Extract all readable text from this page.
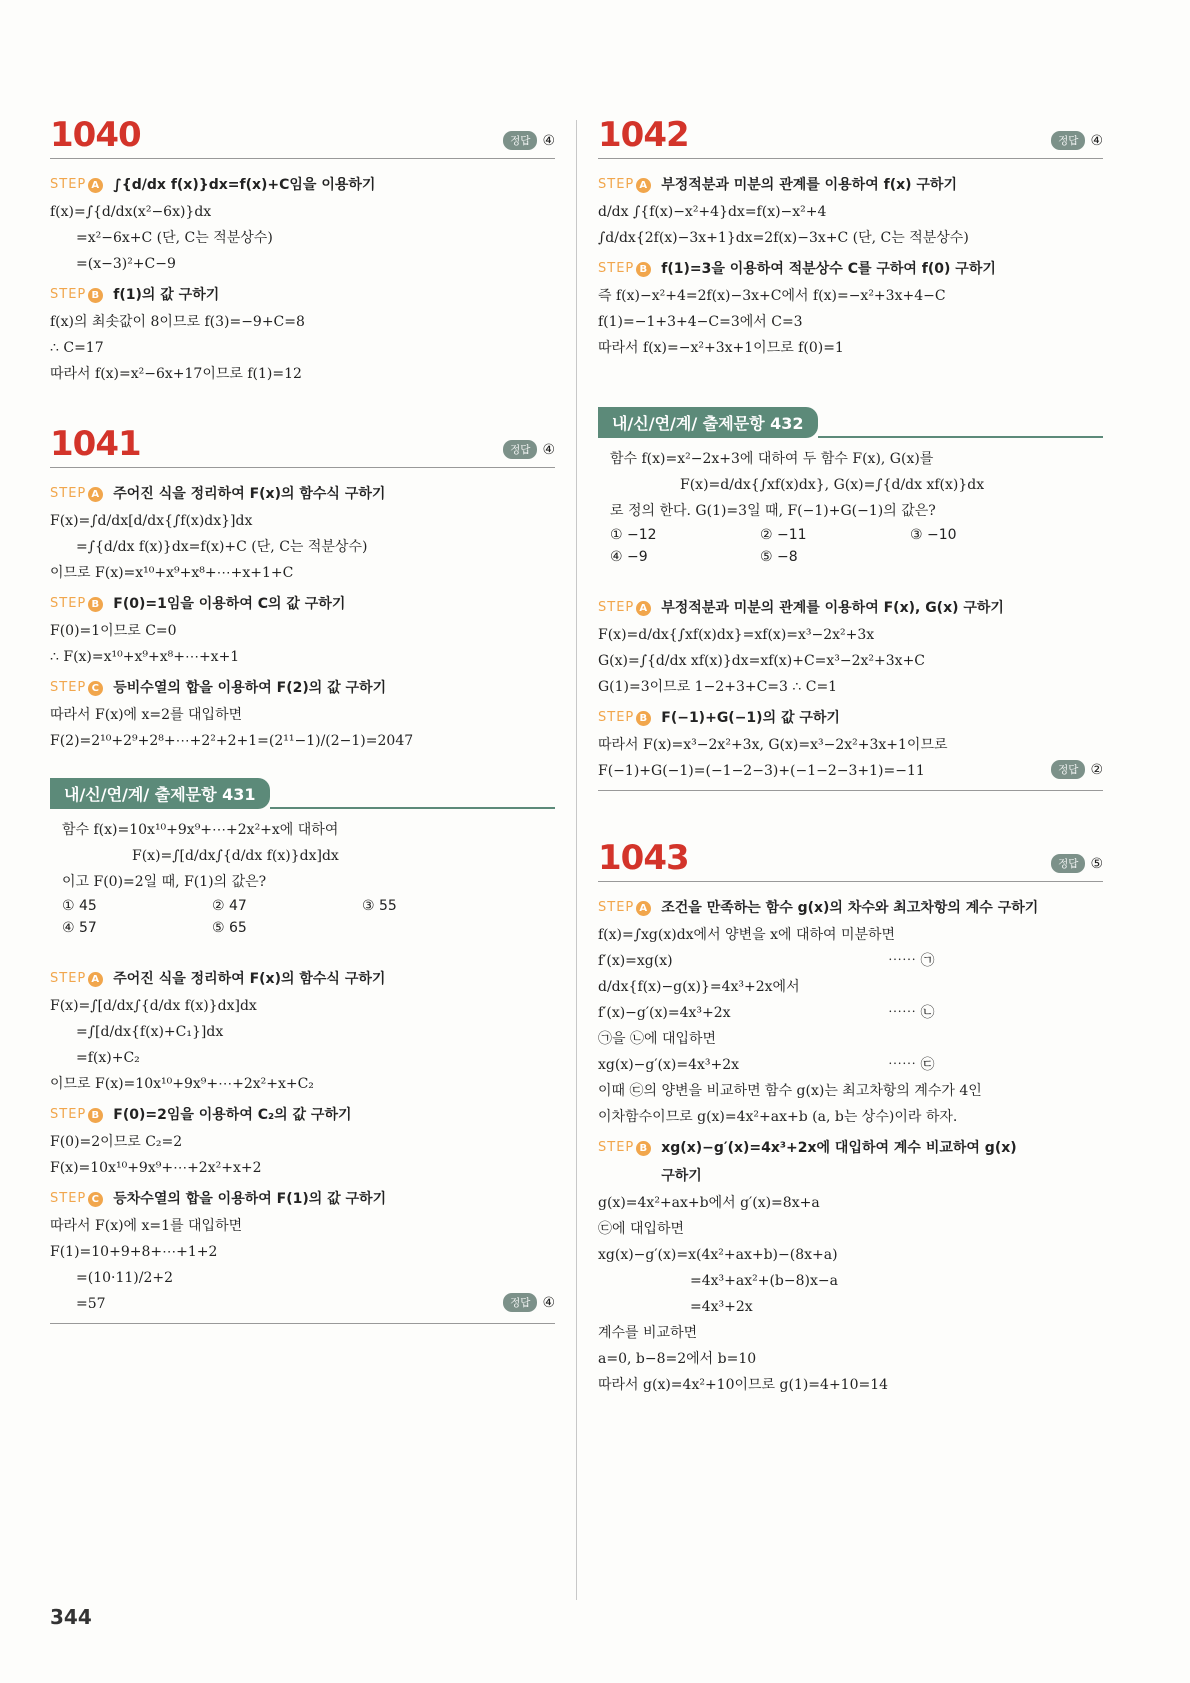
1040	정답 ④
STEP A ∫{d/dx f(x)}dx=f(x)+C임을 이용하기
f(x)=∫{d/dx(x²−6x)}dx
=x²−6x+C (단, C는 적분상수)
=(x−3)²+C−9
STEP B f(1)의 값 구하기
f(x)의 최솟값이 8이므로 f(3)=−9+C=8
∴ C=17
따라서 f(x)=x²−6x+17이므로 f(1)=12
1041	정답 ④
STEP A 주어진 식을 정리하여 F(x)의 함수식 구하기
F(x)=∫d/dx[d/dx{∫f(x)dx}]dx
=∫{d/dx f(x)}dx=f(x)+C (단, C는 적분상수)
이므로 F(x)=x¹⁰+x⁹+x⁸+⋯+x+1+C
STEP B F(0)=1임을 이용하여 C의 값 구하기
F(0)=1이므로 C=0
∴ F(x)=x¹⁰+x⁹+x⁸+⋯+x+1
STEP C 등비수열의 합을 이용하여 F(2)의 값 구하기
따라서 F(x)에 x=2를 대입하면
F(2)=2¹⁰+2⁹+2⁸+⋯+2²+2+1=(2¹¹−1)/(2−1)=2047
내/신/연/계/ 출제문항 431
함수 f(x)=10x¹⁰+9x⁹+⋯+2x²+x에 대하여
F(x)=∫[d/dx∫{d/dx f(x)}dx]dx
이고 F(0)=2일 때, F(1)의 값은?
① 45	② 47	③ 55
④ 57	⑤ 65
STEP A 주어진 식을 정리하여 F(x)의 함수식 구하기
F(x)=∫[d/dx∫{d/dx f(x)}dx]dx
=∫[d/dx{f(x)+C₁}]dx
=f(x)+C₂
이므로 F(x)=10x¹⁰+9x⁹+⋯+2x²+x+C₂
STEP B F(0)=2임을 이용하여 C₂의 값 구하기
F(0)=2이므로 C₂=2
F(x)=10x¹⁰+9x⁹+⋯+2x²+x+2
STEP C 등차수열의 합을 이용하여 F(1)의 값 구하기
따라서 F(x)에 x=1를 대입하면
F(1)=10+9+8+⋯+1+2
=(10·11)/2+2
=57	정답 ④
1042	정답 ④
STEP A 부정적분과 미분의 관계를 이용하여 f(x) 구하기
d/dx ∫{f(x)−x²+4}dx=f(x)−x²+4
∫d/dx{2f(x)−3x+1}dx=2f(x)−3x+C (단, C는 적분상수)
STEP B f(1)=3을 이용하여 적분상수 C를 구하여 f(0) 구하기
즉 f(x)−x²+4=2f(x)−3x+C에서 f(x)=−x²+3x+4−C
f(1)=−1+3+4−C=3에서 C=3
따라서 f(x)=−x²+3x+1이므로 f(0)=1
내/신/연/계/ 출제문항 432
함수 f(x)=x²−2x+3에 대하여 두 함수 F(x), G(x)를
F(x)=d/dx{∫xf(x)dx}, G(x)=∫{d/dx xf(x)}dx
로 정의 한다. G(1)=3일 때, F(−1)+G(−1)의 값은?
① −12	② −11	③ −10
④ −9	⑤ −8
STEP A 부정적분과 미분의 관계를 이용하여 F(x), G(x) 구하기
F(x)=d/dx{∫xf(x)dx}=xf(x)=x³−2x²+3x
G(x)=∫{d/dx xf(x)}dx=xf(x)+C=x³−2x²+3x+C
G(1)=3이므로 1−2+3+C=3 ∴ C=1
STEP B F(−1)+G(−1)의 값 구하기
따라서 F(x)=x³−2x²+3x, G(x)=x³−2x²+3x+1이므로
F(−1)+G(−1)=(−1−2−3)+(−1−2−3+1)=−11	정답 ②
1043	정답 ⑤
STEP A 조건을 만족하는 함수 g(x)의 차수와 최고차항의 계수 구하기
f(x)=∫xg(x)dx에서 양변을 x에 대하여 미분하면
f′(x)=xg(x)	⋯⋯ ㉠
d/dx{f(x)−g(x)}=4x³+2x에서
f′(x)−g′(x)=4x³+2x	⋯⋯ ㉡
㉠을 ㉡에 대입하면
xg(x)−g′(x)=4x³+2x	⋯⋯ ㉢
이때 ㉢의 양변을 비교하면 함수 g(x)는 최고차항의 계수가 4인
이차함수이므로 g(x)=4x²+ax+b (a, b는 상수)이라 하자.
STEP B xg(x)−g′(x)=4x³+2x에 대입하여 계수 비교하여 g(x)
구하기
g(x)=4x²+ax+b에서 g′(x)=8x+a
㉢에 대입하면
xg(x)−g′(x)=x(4x²+ax+b)−(8x+a)
=4x³+ax²+(b−8)x−a
=4x³+2x
계수를 비교하면
a=0, b−8=2에서 b=10
따라서 g(x)=4x²+10이므로 g(1)=4+10=14
344
